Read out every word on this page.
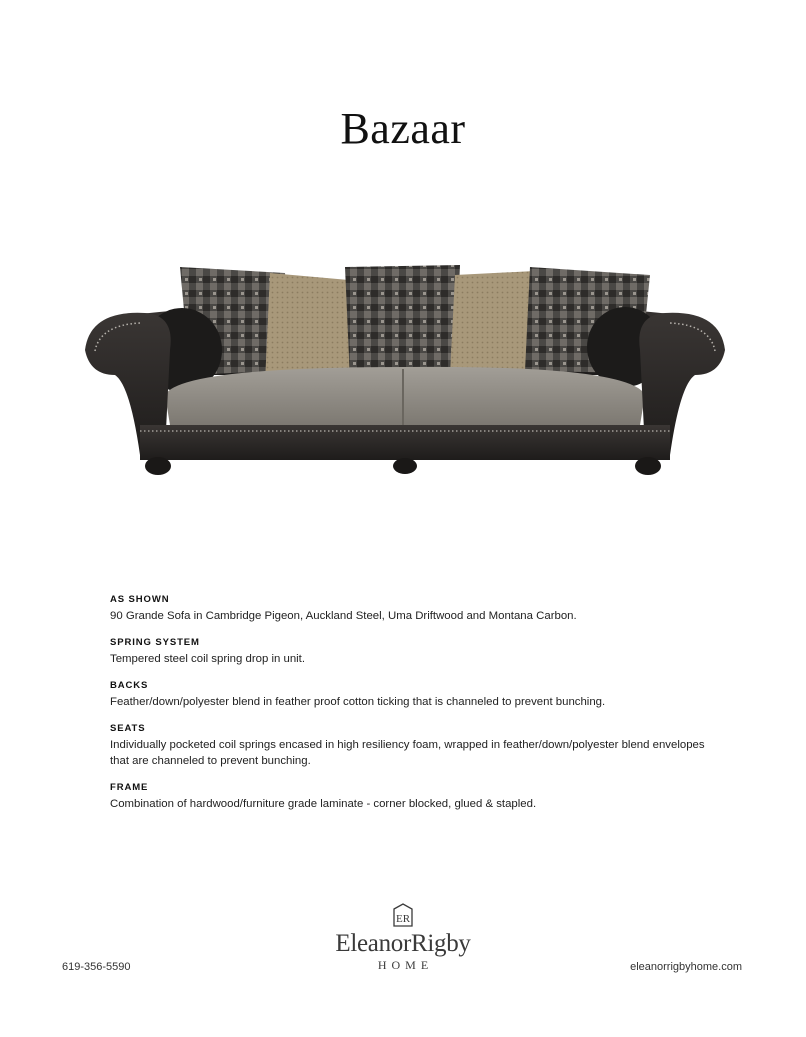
Bazaar
AS SHOWN
90 Grande Sofa in Cambridge Pigeon, Auckland Steel, Uma Driftwood and Montana Carbon.
SPRING SYSTEM
Tempered steel coil spring drop in unit.
BACKS
Feather/down/polyester blend in feather proof cotton ticking that is channeled to prevent bunching.
SEATS
Individually pocketed coil springs encased in high resiliency foam, wrapped in feather/down/polyester blend envelopes that are channeled to prevent bunching.
FRAME
Combination of hardwood/furniture grade laminate - corner blocked, glued & stapled.
ER
EleanorRigby
HOME
619-356-5590	eleanorrigbyhome.com
